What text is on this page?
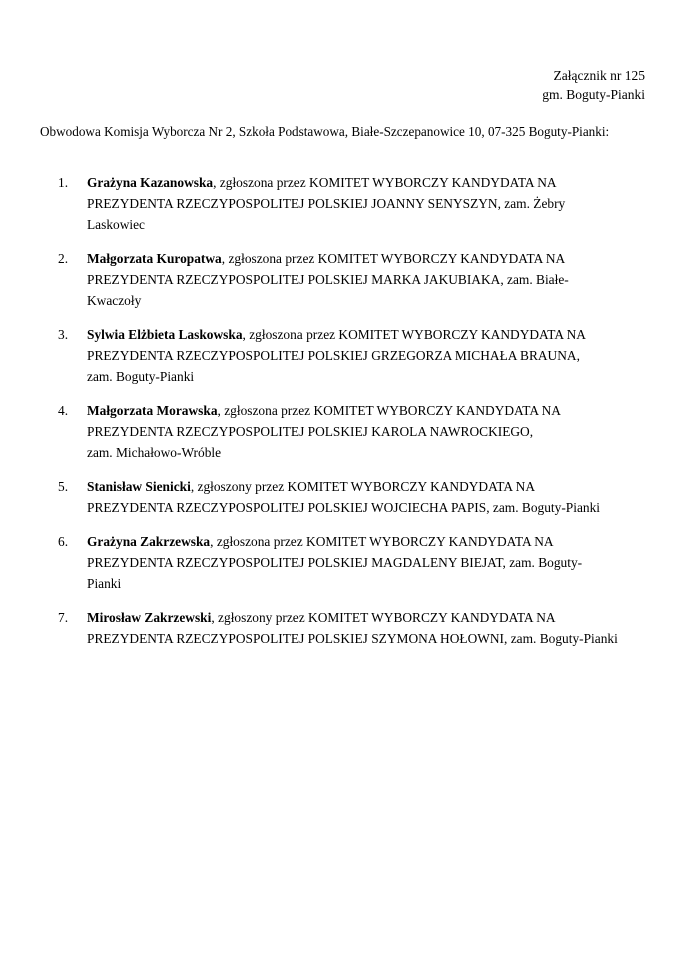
Załącznik nr 125
gm. Boguty-Pianki
Obwodowa Komisja Wyborcza Nr 2, Szkoła Podstawowa, Białe-Szczepanowice 10, 07-325 Boguty-Pianki:
1.	Grażyna Kazanowska, zgłoszona przez KOMITET WYBORCZY KANDYDATA NA
PREZYDENTA RZECZYPOSPOLITEJ POLSKIEJ JOANNY SENYSZYN, zam. Żebry
Laskowiec
2.	Małgorzata Kuropatwa, zgłoszona przez KOMITET WYBORCZY KANDYDATA NA
PREZYDENTA RZECZYPOSPOLITEJ POLSKIEJ MARKA JAKUBIAKA, zam. Białe-
Kwaczoły
3.	Sylwia Elżbieta Laskowska, zgłoszona przez KOMITET WYBORCZY KANDYDATA NA
PREZYDENTA RZECZYPOSPOLITEJ POLSKIEJ GRZEGORZA MICHAŁA BRAUNA,
zam. Boguty-Pianki
4.	Małgorzata Morawska, zgłoszona przez KOMITET WYBORCZY KANDYDATA NA
PREZYDENTA RZECZYPOSPOLITEJ POLSKIEJ KAROLA NAWROCKIEGO,
zam. Michałowo-Wróble
5.	Stanisław Sienicki, zgłoszony przez KOMITET WYBORCZY KANDYDATA NA
PREZYDENTA RZECZYPOSPOLITEJ POLSKIEJ WOJCIECHA PAPIS, zam. Boguty-Pianki
6.	Grażyna Zakrzewska, zgłoszona przez KOMITET WYBORCZY KANDYDATA NA
PREZYDENTA RZECZYPOSPOLITEJ POLSKIEJ MAGDALENY BIEJAT, zam. Boguty-
Pianki
7.	Mirosław Zakrzewski, zgłoszony przez KOMITET WYBORCZY KANDYDATA NA
PREZYDENTA RZECZYPOSPOLITEJ POLSKIEJ SZYMONA HOŁOWNI, zam. Boguty-Pianki
